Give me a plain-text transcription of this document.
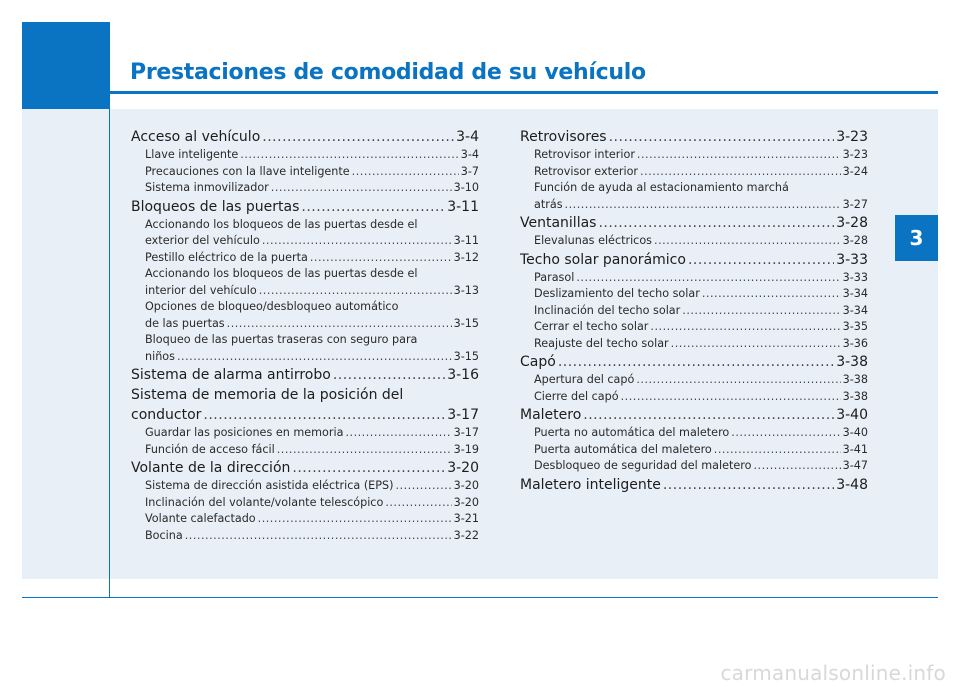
Prestaciones de comodidad de su vehículo
3
Acceso al vehículo .....	3-4
Llave inteligente .....	3-4
Precauciones con la llave inteligente .....	3-7
Sistema inmovilizador .....	3-10
Bloqueos de las puertas .....	3-11
Accionando los bloqueos de las puertas desde el
exterior del vehículo .....	3-11
Pestillo eléctrico de la puerta .....	3-12
Accionando los bloqueos de las puertas desde el
interior del vehículo .....	3-13
Opciones de bloqueo/desbloqueo automático
de las puertas .....	3-15
Bloqueo de las puertas traseras con seguro para
niños .....	3-15
Sistema de alarma antirrobo .....	3-16
Sistema de memoria de la posición del
conductor .....	3-17
Guardar las posiciones en memoria .....	3-17
Función de acceso fácil .....	3-19
Volante de la dirección .....	3-20
Sistema de dirección asistida eléctrica (EPS) .....	3-20
Inclinación del volante/volante telescópico .....	3-20
Volante calefactado .....	3-21
Bocina .....	3-22
Retrovisores .....	3-23
Retrovisor interior .....	3-23
Retrovisor exterior .....	3-24
Función de ayuda al estacionamiento marchá
atrás .....	3-27
Ventanillas .....	3-28
Elevalunas eléctricos .....	3-28
Techo solar panorámico .....	3-33
Parasol .....	3-33
Deslizamiento del techo solar .....	3-34
Inclinación del techo solar .....	3-34
Cerrar el techo solar .....	3-35
Reajuste del techo solar .....	3-36
Capó .....	3-38
Apertura del capó .....	3-38
Cierre del capó .....	3-38
Maletero .....	3-40
Puerta no automática del maletero .....	3-40
Puerta automática del maletero .....	3-41
Desbloqueo de seguridad del maletero .....	3-47
Maletero inteligente .....	3-48
carmanualsonline.info
